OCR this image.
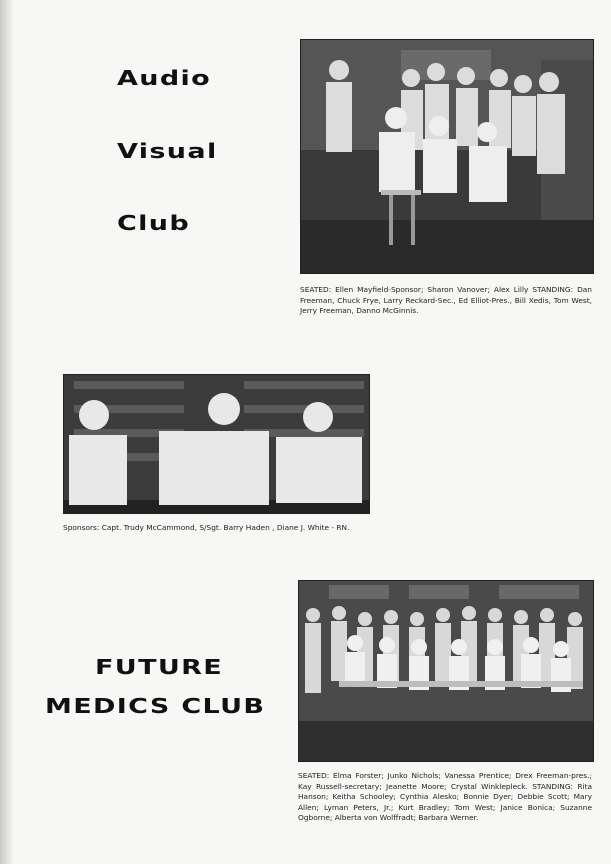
Audio
Visual
Club
SEATED: Ellen Mayfield-Sponsor; Sharon Vanover; Alex Lilly STANDING: Dan Freeman, Chuck Frye, Larry Reckard-Sec., Ed Elliot-Pres., Bill Xedis, Tom West, Jerry Freeman, Danno McGinnis.
Sponsors: Capt. Trudy McCammond, S/Sgt. Barry Haden , Diane J. White - RN.
FUTURE
MEDICS CLUB
SEATED: Elma Forster; Junko Nichols; Vanessa Prentice; Drex Freeman-pres.; Kay Russell-secretary; Jeanette Moore; Crystal Winklepleck. STANDING: Rita Hanson; Keitha Schooley; Cynthia Alesko; Bonnie Dyer; Debbie Scott; Mary Allen; Lyman Peters, Jr.; Kurt Bradley; Tom West; Janice Bonica; Suzanne Ogborne; Alberta von Wolffradt; Barbara Werner.
